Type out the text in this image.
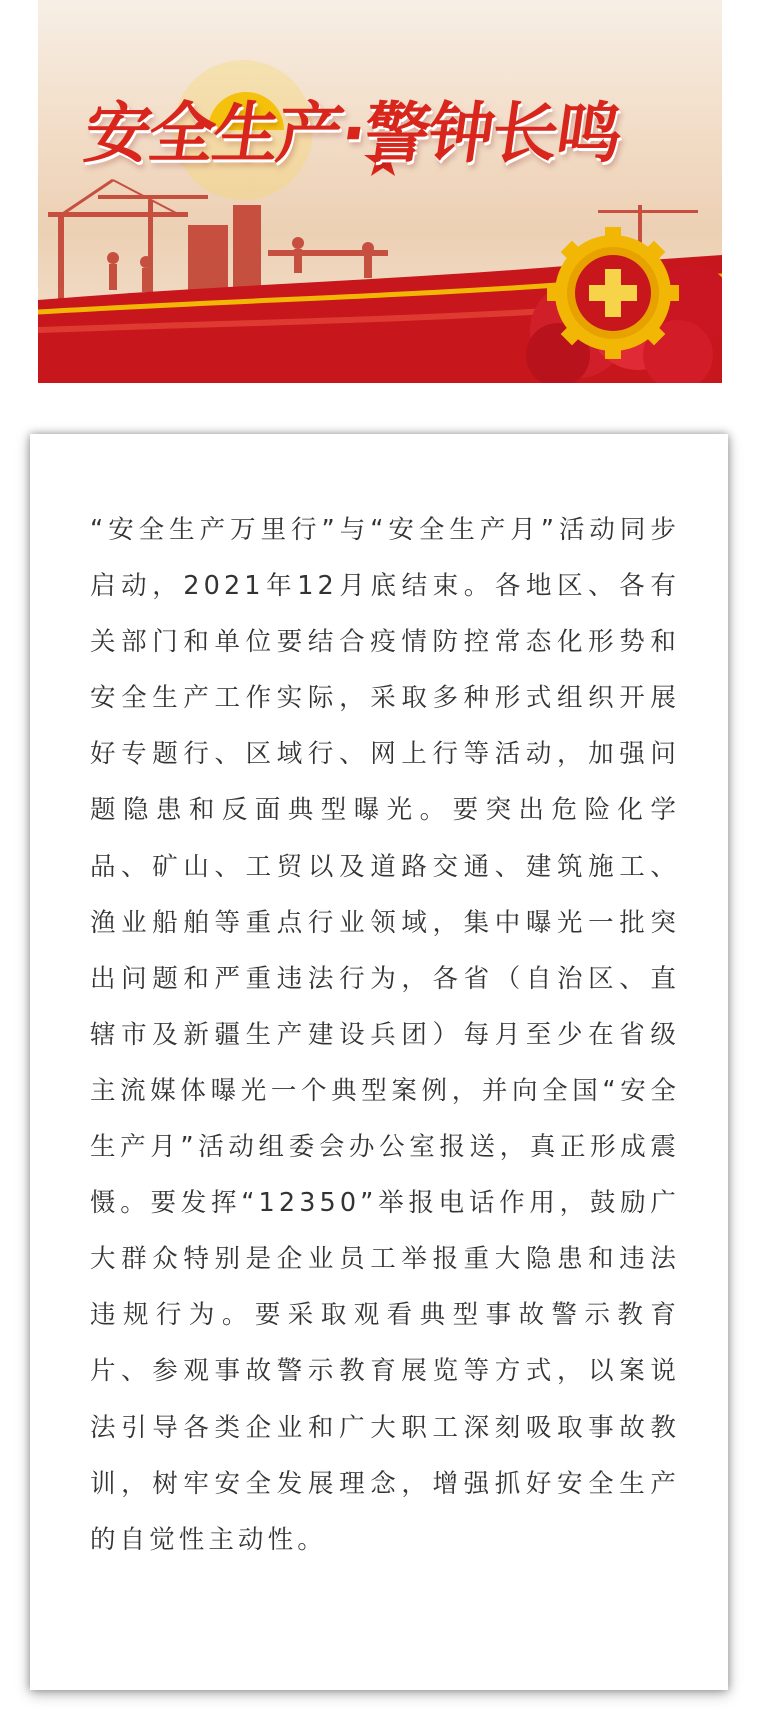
安全生产·警钟长鸣

“安全生产万里行”与“安全生产月”活动同步启动，2021年12月底结束。各地区、各有关部门和单位要结合疫情防控常态化形势和安全生产工作实际，采取多种形式组织开展好专题行、区域行、网上行等活动，加强问题隐患和反面典型曝光。要突出危险化学品、矿山、工贸以及道路交通、建筑施工、渔业船舶等重点行业领域，集中曝光一批突出问题和严重违法行为，各省（自治区、直辖市及新疆生产建设兵团）每月至少在省级主流媒体曝光一个典型案例，并向全国“安全生产月”活动组委会办公室报送，真正形成震慑。要发挥“12350”举报电话作用，鼓励广大群众特别是企业员工举报重大隐患和违法违规行为。要采取观看典型事故警示教育片、参观事故警示教育展览等方式，以案说法引导各类企业和广大职工深刻吸取事故教训，树牢安全发展理念，增强抓好安全生产的自觉性主动性。
